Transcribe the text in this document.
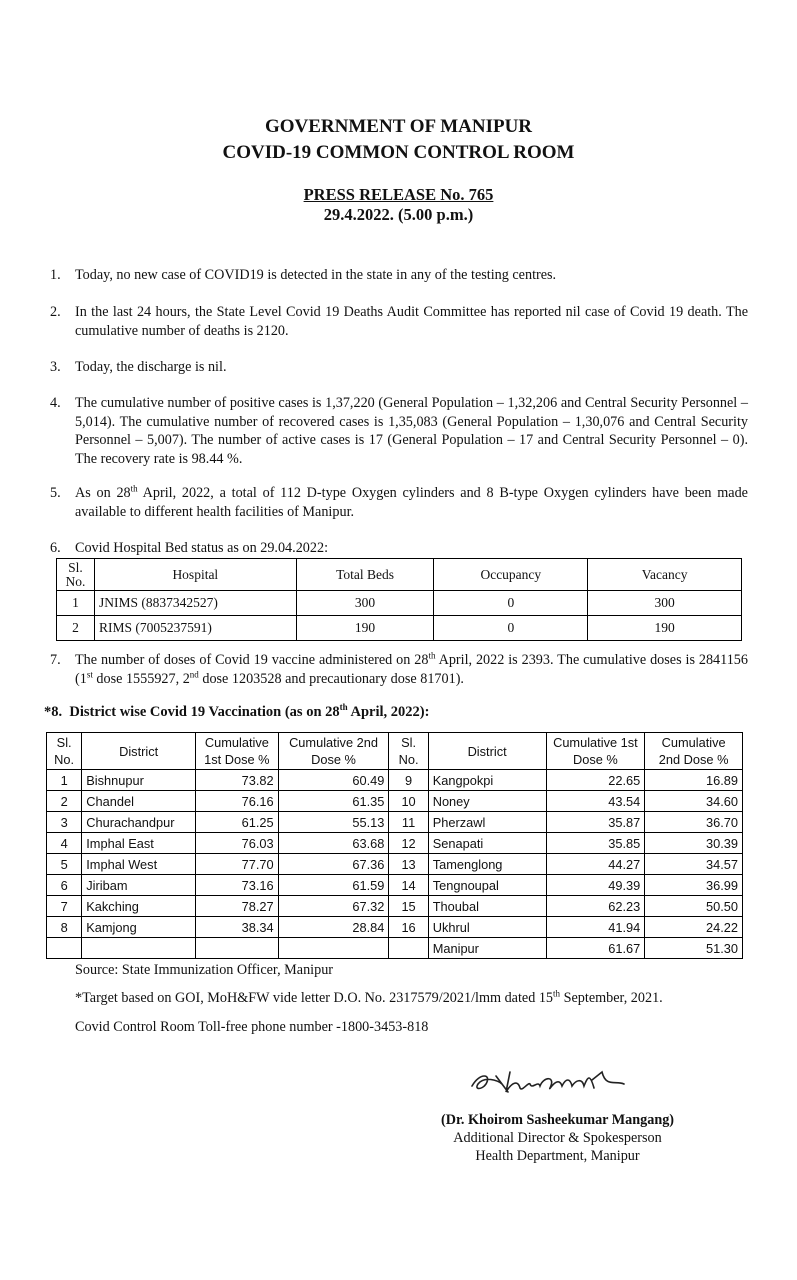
GOVERNMENT OF MANIPUR
COVID-19 COMMON CONTROL ROOM
PRESS RELEASE No. 765
29.4.2022. (5.00 p.m.)
1. Today, no new case of COVID19 is detected in the state in any of the testing centres.
2. In the last 24 hours, the State Level Covid 19 Deaths Audit Committee has reported nil case of Covid 19 death. The cumulative number of deaths is 2120.
3. Today, the discharge is nil.
4. The cumulative number of positive cases is 1,37,220 (General Population – 1,32,206 and Central Security Personnel – 5,014). The cumulative number of recovered cases is 1,35,083 (General Population – 1,30,076 and Central Security Personnel – 5,007). The number of active cases is 17 (General Population – 17 and Central Security Personnel – 0). The recovery rate is 98.44 %.
5. As on 28th April, 2022, a total of 112 D-type Oxygen cylinders and 8 B-type Oxygen cylinders have been made available to different health facilities of Manipur.
6. Covid Hospital Bed status as on 29.04.2022:
Sl. No.	Hospital	Total Beds	Occupancy	Vacancy
1	JNIMS (8837342527)	300	0	300
2	RIMS (7005237591)	190	0	190
7. The number of doses of Covid 19 vaccine administered on 28th April, 2022 is 2393. The cumulative doses is 2841156 (1st dose 1555927, 2nd dose 1203528 and precautionary dose 81701).
*8. District wise Covid 19 Vaccination (as on 28th April, 2022):
Sl. No.	District	Cumulative 1st Dose %	Cumulative 2nd Dose %	Sl. No.	District	Cumulative 1st Dose %	Cumulative 2nd Dose %
1	Bishnupur	73.82	60.49	9	Kangpokpi	22.65	16.89
2	Chandel	76.16	61.35	10	Noney	43.54	34.60
3	Churachandpur	61.25	55.13	11	Pherzawl	35.87	36.70
4	Imphal East	76.03	63.68	12	Senapati	35.85	30.39
5	Imphal West	77.70	67.36	13	Tamenglong	44.27	34.57
6	Jiribam	73.16	61.59	14	Tengnoupal	49.39	36.99
7	Kakching	78.27	67.32	15	Thoubal	62.23	50.50
8	Kamjong	38.34	28.84	16	Ukhrul	41.94	24.22
					Manipur	61.67	51.30
Source: State Immunization Officer, Manipur
*Target based on GOI, MoH&FW vide letter D.O. No. 2317579/2021/lmm dated 15th September, 2021.
Covid Control Room Toll-free phone number -1800-3453-818
(Dr. Khoirom Sasheekumar Mangang)
Additional Director & Spokesperson
Health Department, Manipur
